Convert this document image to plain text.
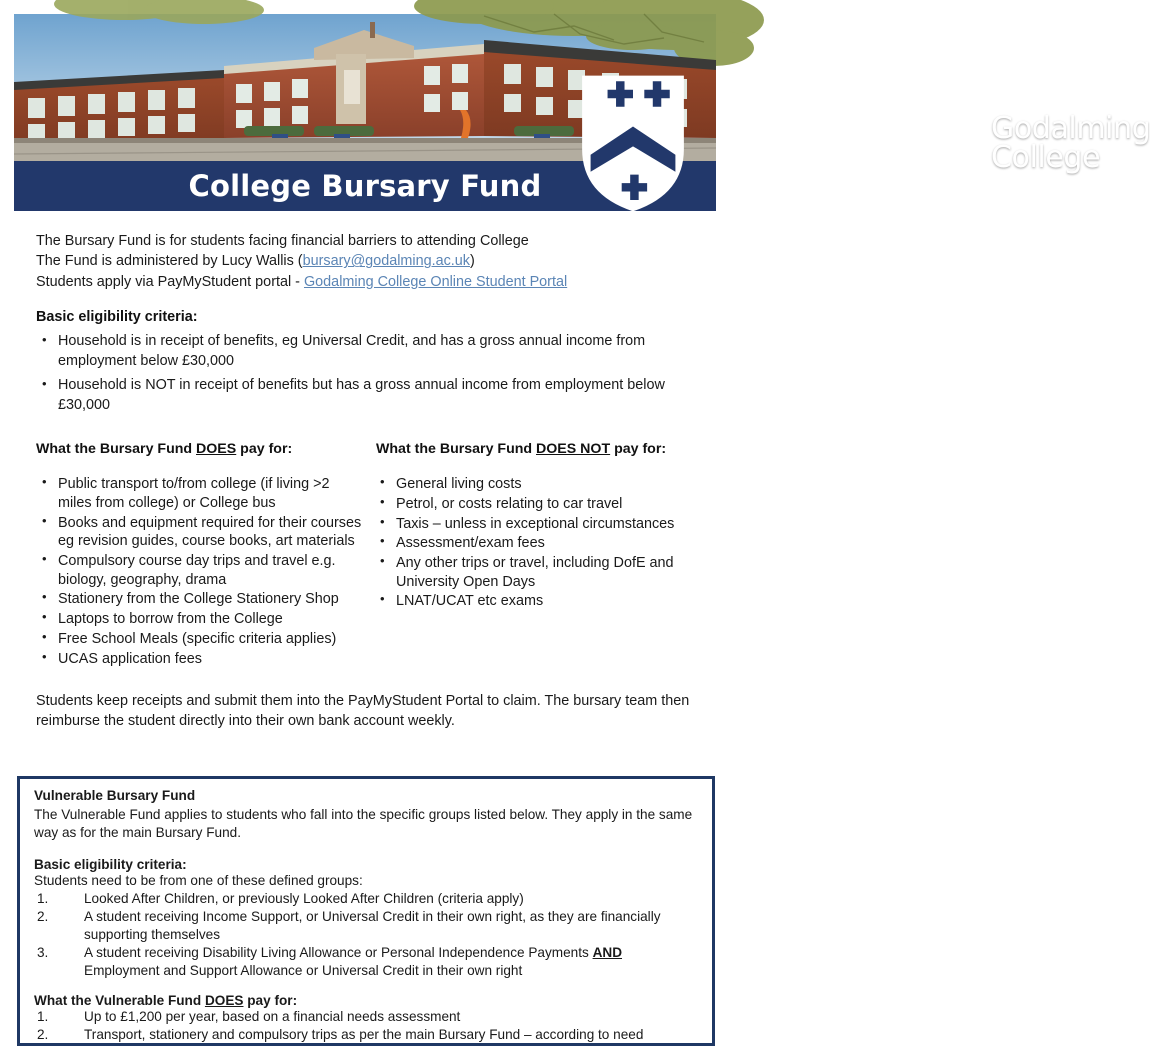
Godalming
College
College Bursary Fund

The Bursary Fund is for students facing financial barriers to attending College

The Fund is administered by Lucy Wallis (bursary@godalming.ac.uk)

Students apply via PayMyStudent portal - Godalming College Online Student Portal

Basic eligibility criteria:
• Household is in receipt of benefits, eg Universal Credit, and has a gross annual income from employment below £30,000
• Household is NOT in receipt of benefits but has a gross annual income from employment below £30,000

What the Bursary Fund DOES pay for:

• Public transport to/from college (if living >2 miles from college) or College bus
• Books and equipment required for their courses eg revision guides, course books, art materials
• Compulsory course day trips and travel e.g. biology, geography, drama
• Stationery from the College Stationery Shop
• Laptops to borrow from the College
• Free School Meals (specific criteria applies)
• UCAS application fees

What the Bursary Fund DOES NOT pay for:

• General living costs
• Petrol, or costs relating to car travel
• Taxis – unless in exceptional circumstances
• Assessment/exam fees
• Any other trips or travel, including DofE and University Open Days
• LNAT/UCAT etc exams

Students keep receipts and submit them into the PayMyStudent Portal to claim. The bursary team then reimburse the student directly into their own bank account weekly.

Vulnerable Bursary Fund

The Vulnerable Fund applies to students who fall into the specific groups listed below. They apply in the same way as for the main Bursary Fund.

Basic eligibility criteria:

Students need to be from one of these defined groups:

1.	Looked After Children, or previously Looked After Children (criteria apply)
2.	A student receiving Income Support, or Universal Credit in their own right, as they are financially supporting themselves
3.	A student receiving Disability Living Allowance or Personal Independence Payments AND Employment and Support Allowance or Universal Credit in their own right
What the Vulnerable Fund DOES pay for:
1.	Up to £1,200 per year, based on a financial needs assessment
2.	Transport, stationery and compulsory trips as per the main Bursary Fund – according to need
